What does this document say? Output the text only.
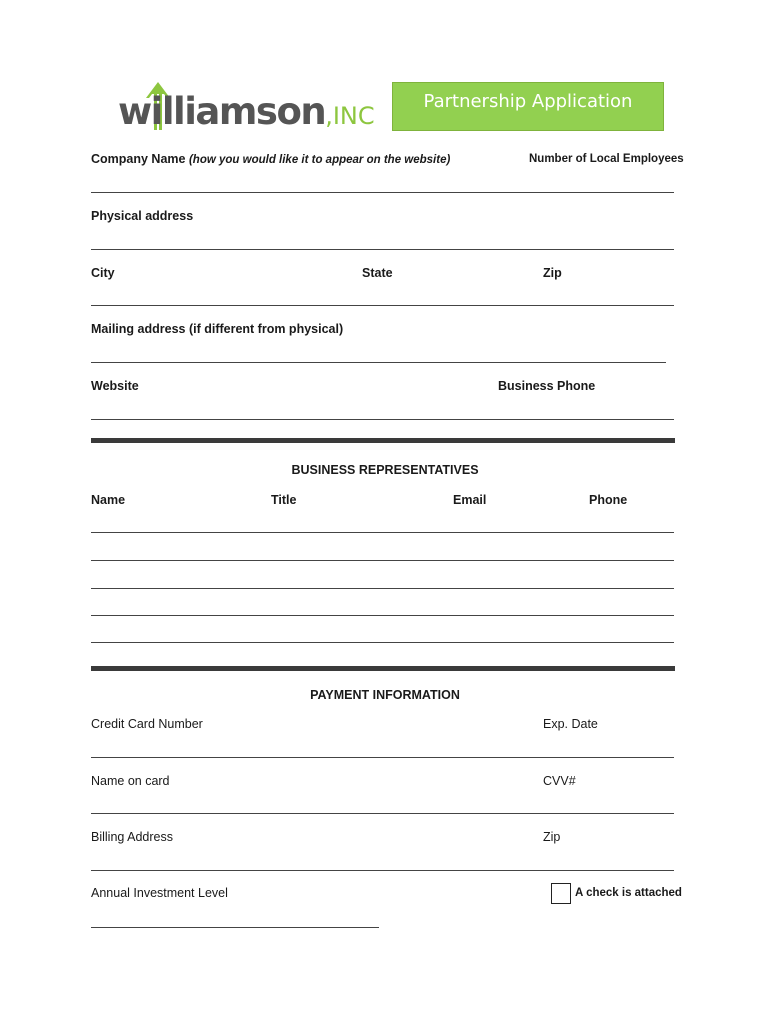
williamson,INC
Partnership Application
Company Name (how you would like it to appear on the website)	Number of Local Employees
Physical address
City	State	Zip
Mailing address (if different from physical)
Website	Business Phone
BUSINESS REPRESENTATIVES
Name	Title	Email	Phone
PAYMENT INFORMATION
Credit Card Number	Exp. Date
Name on card	CVV#
Billing Address	Zip
Annual Investment Level	A check is attached
